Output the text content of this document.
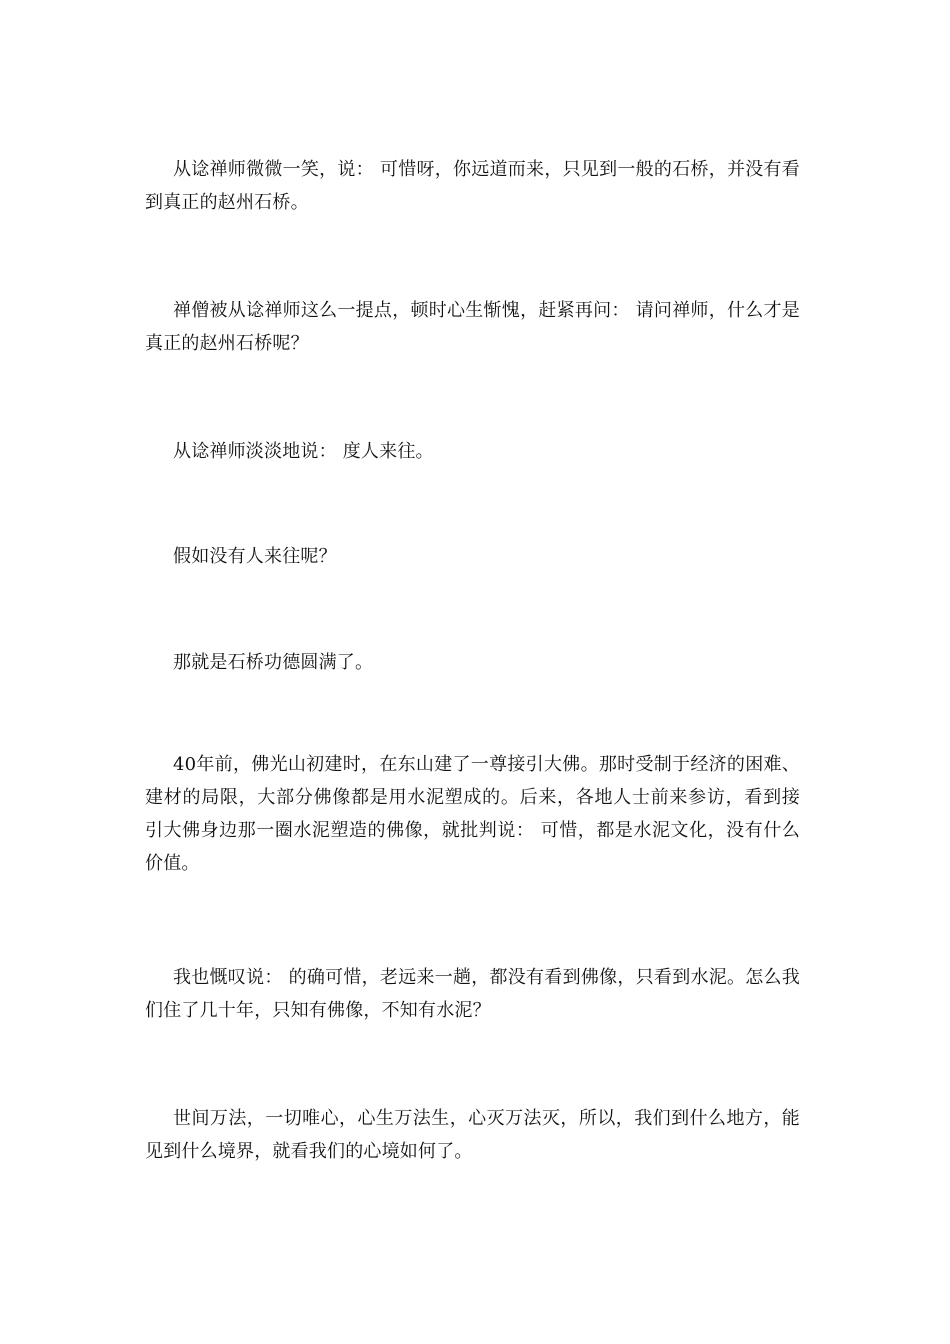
从谂禅师微微一笑，说： 可惜呀，你远道而来，只见到一般的石桥，并没有看到真正的赵州石桥。

禅僧被从谂禅师这么一提点，顿时心生惭愧，赶紧再问： 请问禅师，什么才是真正的赵州石桥呢？

从谂禅师淡淡地说： 度人来往。

假如没有人来往呢？

那就是石桥功德圆满了。

40年前，佛光山初建时，在东山建了一尊接引大佛。那时受制于经济的困难、建材的局限，大部分佛像都是用水泥塑成的。后来，各地人士前来参访，看到接引大佛身边那一圈水泥塑造的佛像，就批判说： 可惜，都是水泥文化，没有什么价值。

我也慨叹说： 的确可惜，老远来一趟，都没有看到佛像，只看到水泥。怎么我们住了几十年，只知有佛像，不知有水泥？

世间万法，一切唯心，心生万法生，心灭万法灭，所以，我们到什么地方，能见到什么境界，就看我们的心境如何了。
